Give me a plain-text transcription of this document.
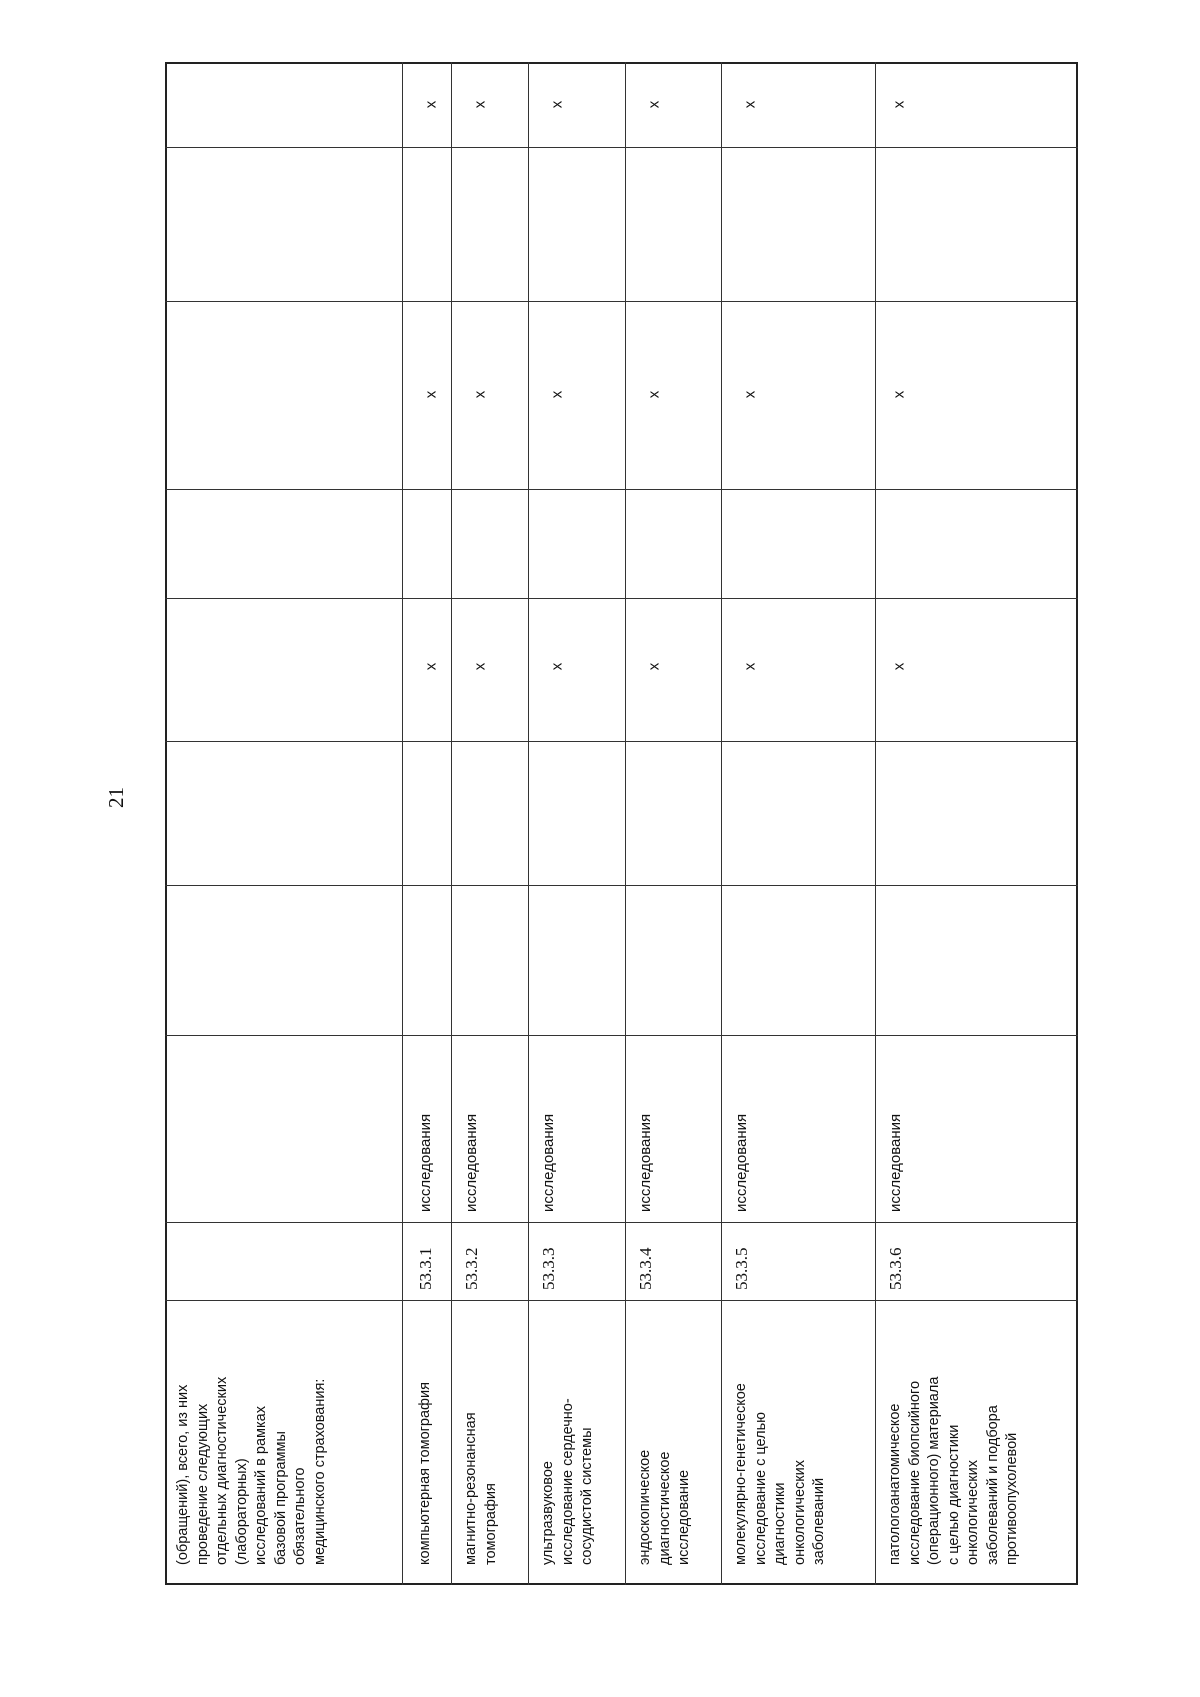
21
(обращений), всего, из них
проведение следующих
отдельных диагностических
(лабораторных)
исследований в рамках
базовой программы
обязательного
медицинского страхования:	компьютерная томография
53.3.1
исследования
х
х
х
магнитно-резонансная
томография
53.3.2
исследования
х
х
х
ультразвуковое
исследование сердечно-
сосудистой системы
53.3.3
исследования
х
х
х
эндоскопическое
диагностическое
исследование
53.3.4
исследования
х
х
х
молекулярно-генетическое
исследование с целью
диагностики
онкологических
заболеваний
53.3.5
исследования
х
х
х
патологоанатомическое
исследование биопсийного
(операционного) материала
с целью диагностики
онкологических
заболеваний и подбора
противоопухолевой
53.3.6
исследования
х
х
х
